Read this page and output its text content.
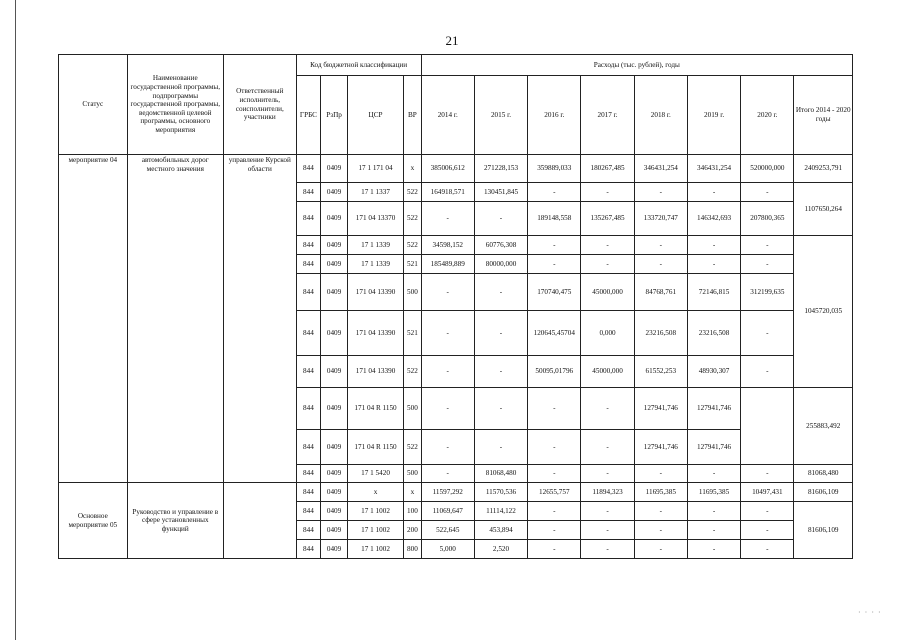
21
Статус	Наименование государственной программы, подпрограммы государственной программы, ведомственной целевой программы, основного мероприятия	Ответственный исполнитель, соисполнители, участники	Код бюджетной классификации				Расходы (тыс. рублей), годы							
			ГРБС	РзПр	ЦСР	ВР	2014 г.	2015 г.	2016 г.	2017 г.	2018 г.	2019 г.	2020 г.	Итого 2014 - 2020 годы
мероприятие 04	автомобильных дорог местного значения	управление Курской области	844	0409	17 1 171 04	х	385006,612	271228,153	359889,033	180267,485	346431,254	346431,254	520000,000	2409253,791
			844	0409	17 1 1337	522	164918,571	130451,845	-	-	-	-	-	1107650,264
			844	0409	171 04 13370	522	-	-	189148,558	135267,485	133720,747	146342,693	207800,365	
			844	0409	17 1 1339	522	34598,152	60776,308	-	-	-	-	-	1045720,035
			844	0409	17 1 1339	521	185489,889	80000,000	-	-	-	-	-	
			844	0409	171 04 13390	500	-	-	170740,475	45000,000	84768,761	72146,815	312199,635	
			844	0409	171 04 13390	521	-	-	120645,45704	0,000	23216,508	23216,508	-	
			844	0409	171 04 13390	522	-	-	50095,01796	45000,000	61552,253	48930,307	-	
			844	0409	171 04 R 1150	500	-	-	-	-	127941,746	127941,746		255883,492
			844	0409	171 04 R 1150	522	-	-	-	-	127941,746	127941,746		
			844	0409	17 1 5420	500	-	81068,480	-	-	-	-	-	81068,480
Основное мероприятие 05	Руководство и управление в сфере установленных функций		844	0409	х	х	11597,292	11570,536	12655,757	11894,323	11695,385	11695,385	10497,431	81606,109
			844	0409	17 1 1002	100	11069,647	11114,122	-	-	-	-	-	81606,109
			844	0409	17 1 1002	200	522,645	453,894	-	-	-	-	-	
			844	0409	17 1 1002	800	5,000	2,520	-	-	-	-	-	
· · · ·
